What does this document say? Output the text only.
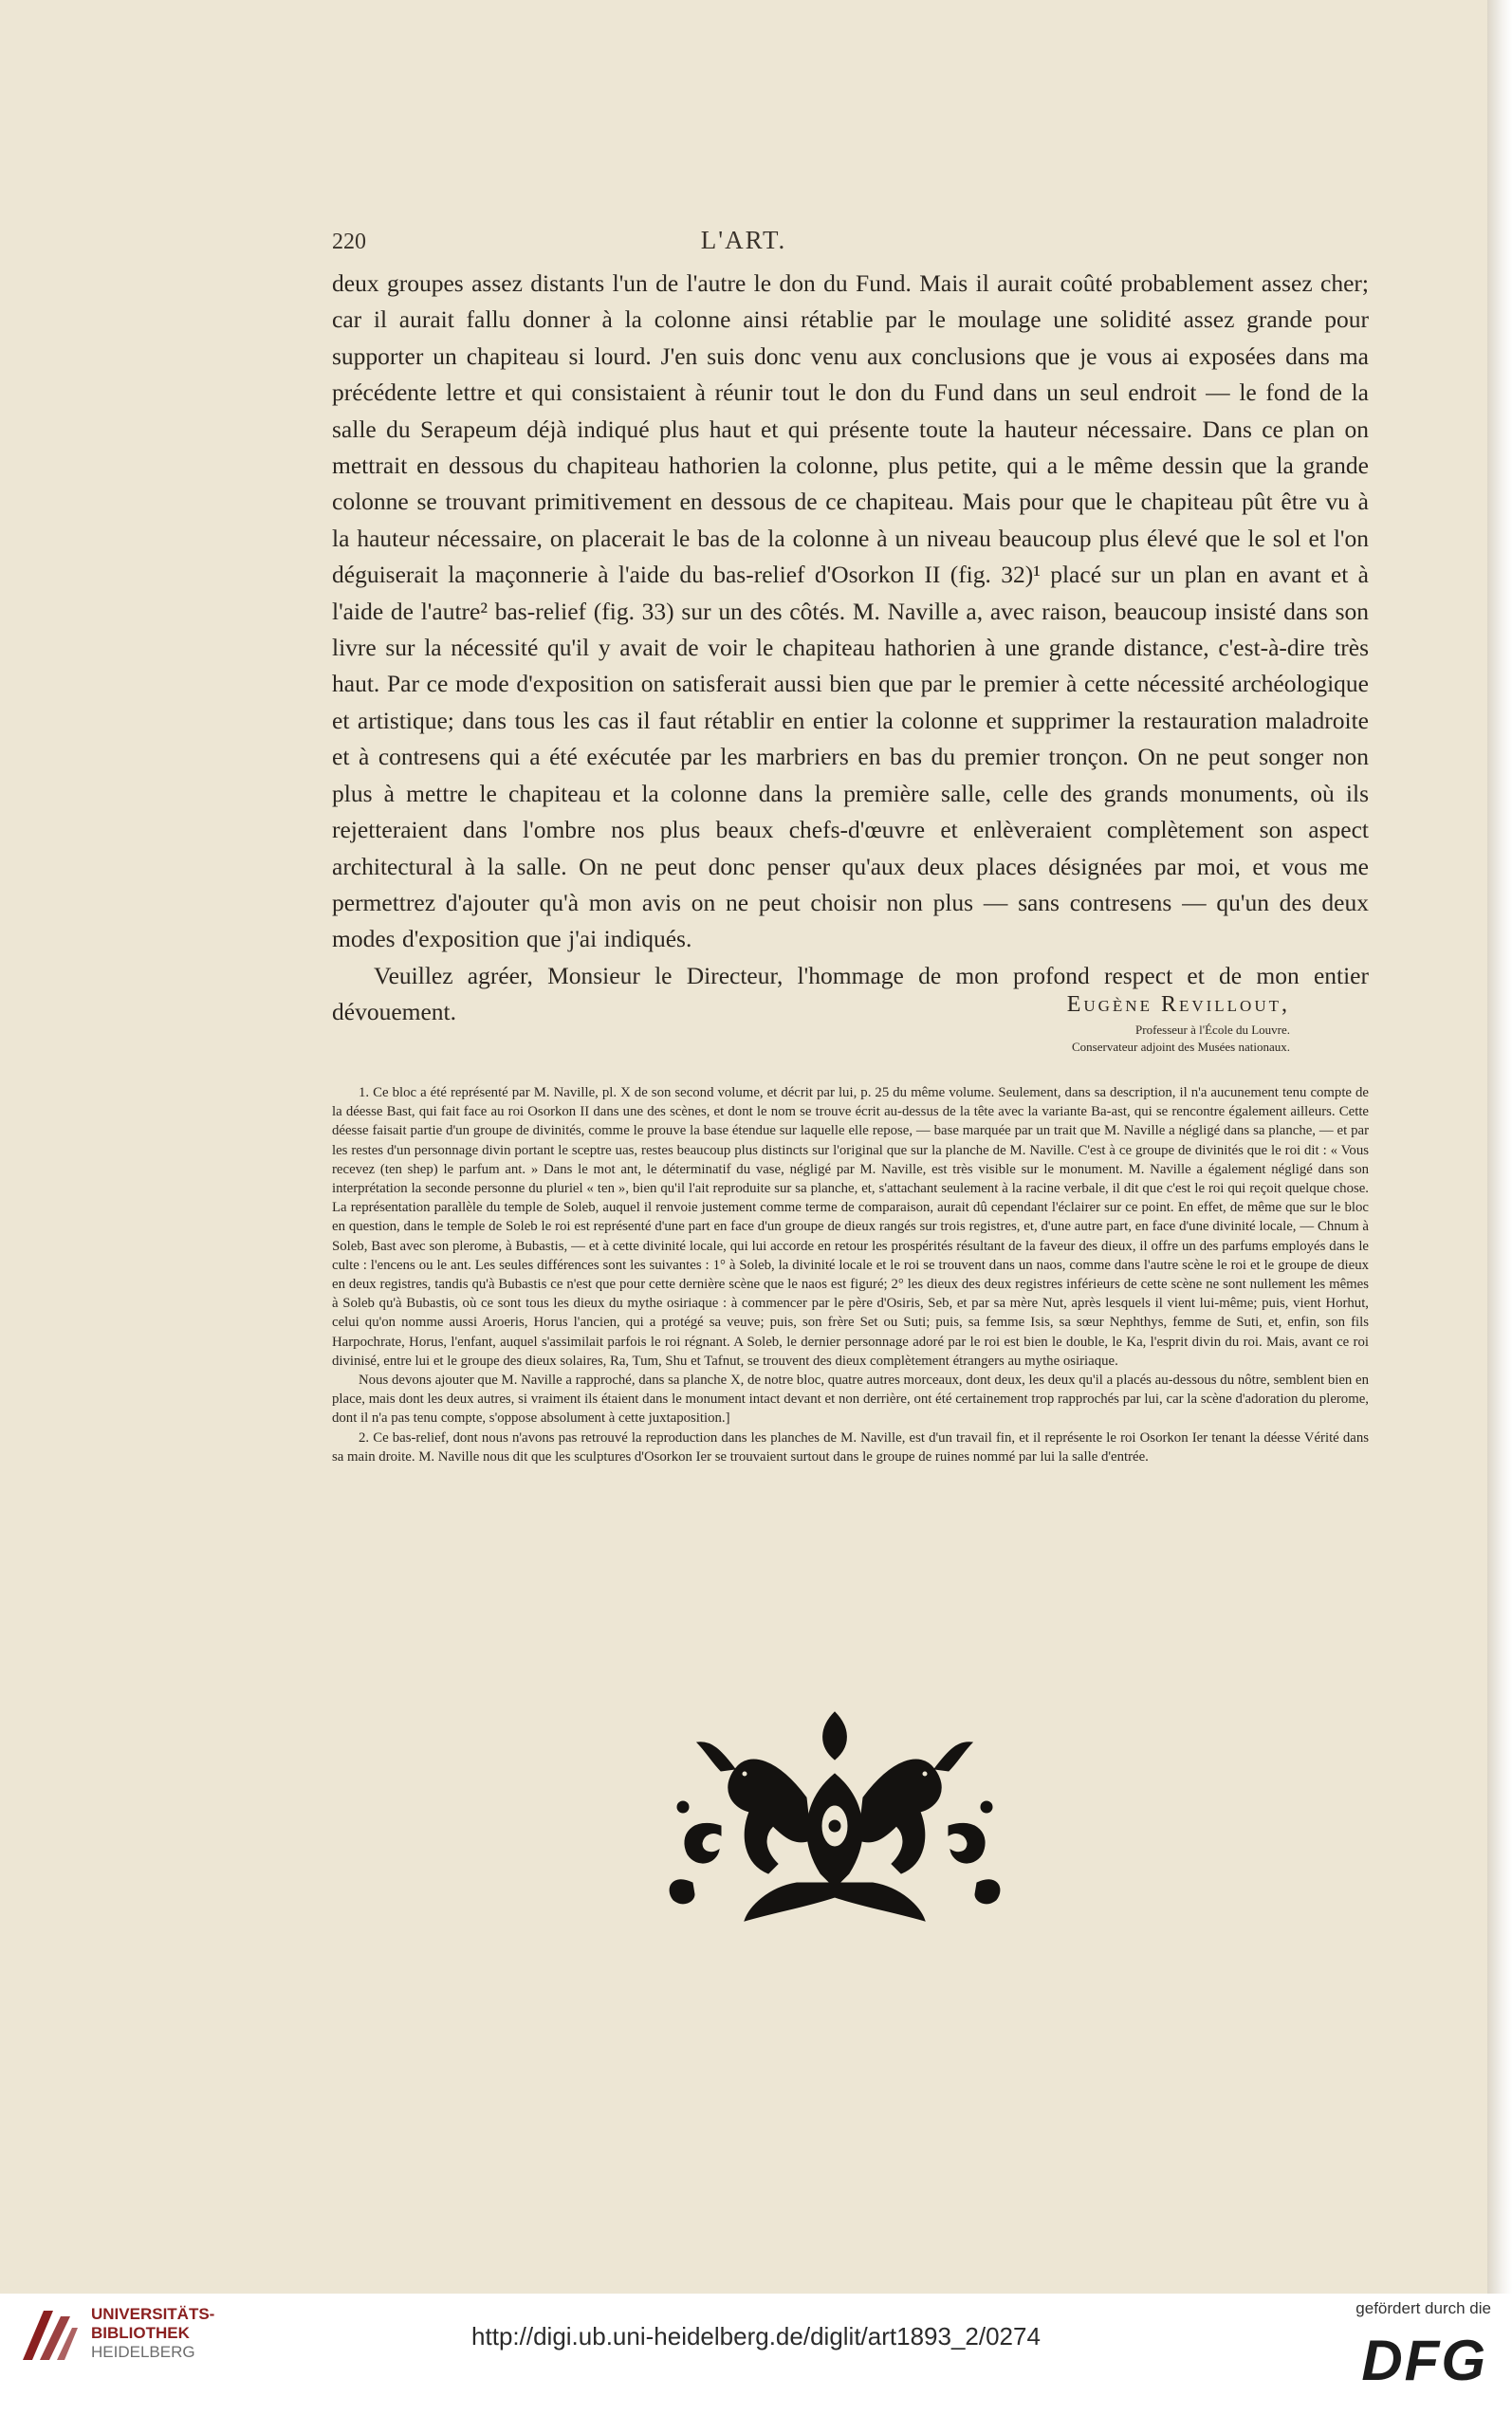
220	L'ART.

deux groupes assez distants l'un de l'autre le don du Fund. Mais il aurait coûté probablement assez cher; car il aurait fallu donner à la colonne ainsi rétablie par le moulage une solidité assez grande pour supporter un chapiteau si lourd. J'en suis donc venu aux conclusions que je vous ai exposées dans ma précédente lettre et qui consistaient à réunir tout le don du Fund dans un seul endroit — le fond de la salle du Serapeum déjà indiqué plus haut et qui présente toute la hauteur nécessaire. Dans ce plan on mettrait en dessous du chapiteau hathorien la colonne, plus petite, qui a le même dessin que la grande colonne se trouvant primitivement en dessous de ce chapiteau. Mais pour que le chapiteau pût être vu à la hauteur nécessaire, on placerait le bas de la colonne à un niveau beaucoup plus élevé que le sol et l'on déguiserait la maçonnerie à l'aide du bas-relief d'Osorkon II (fig. 32)¹ placé sur un plan en avant et à l'aide de l'autre² bas-relief (fig. 33) sur un des côtés. M. Naville a, avec raison, beaucoup insisté dans son livre sur la nécessité qu'il y avait de voir le chapiteau hathorien à une grande distance, c'est-à-dire très haut. Par ce mode d'exposition on satisferait aussi bien que par le premier à cette nécessité archéologique et artistique; dans tous les cas il faut rétablir en entier la colonne et supprimer la restauration maladroite et à contresens qui a été exécutée par les marbriers en bas du premier tronçon. On ne peut songer non plus à mettre le chapiteau et la colonne dans la première salle, celle des grands monuments, où ils rejetteraient dans l'ombre nos plus beaux chefs-d'œuvre et enlèveraient complètement son aspect architectural à la salle. On ne peut donc penser qu'aux deux places désignées par moi, et vous me permettrez d'ajouter qu'à mon avis on ne peut choisir non plus — sans contresens — qu'un des deux modes d'exposition que j'ai indiqués.

Veuillez agréer, Monsieur le Directeur, l'hommage de mon profond respect et de mon entier dévouement.	Eugène Revillout,
Professeur à l'École du Louvre.
Conservateur adjoint des Musées nationaux.

1. Ce bloc a été représenté par M. Naville, pl. X de son second volume, et décrit par lui, p. 25 du même volume. Seulement, dans sa description, il n'a aucunement tenu compte de la déesse Bast, qui fait face au roi Osorkon II dans une des scènes, et dont le nom se trouve écrit au-dessus de la tête avec la variante Ba-ast, qui se rencontre également ailleurs. Cette déesse faisait partie d'un groupe de divinités, comme le prouve la base étendue sur laquelle elle repose, — base marquée par un trait que M. Naville a négligé dans sa planche, — et par les restes d'un personnage divin portant le sceptre uas, restes beaucoup plus distincts sur l'original que sur la planche de M. Naville. C'est à ce groupe de divinités que le roi dit : « Vous recevez (ten shep) le parfum ant. » Dans le mot ant, le déterminatif du vase, négligé par M. Naville, est très visible sur le monument. M. Naville a également négligé dans son interprétation la seconde personne du pluriel « ten », bien qu'il l'ait reproduite sur sa planche, et, s'attachant seulement à la racine verbale, il dit que c'est le roi qui reçoit quelque chose. La représentation parallèle du temple de Soleb, auquel il renvoie justement comme terme de comparaison, aurait dû cependant l'éclairer sur ce point. En effet, de même que sur le bloc en question, dans le temple de Soleb le roi est représenté d'une part en face d'un groupe de dieux rangés sur trois registres, et, d'une autre part, en face d'une divinité locale, — Chnum à Soleb, Bast avec son plerome, à Bubastis, — et à cette divinité locale, qui lui accorde en retour les prospérités résultant de la faveur des dieux, il offre un des parfums employés dans le culte : l'encens ou le ant. Les seules différences sont les suivantes : 1° à Soleb, la divinité locale et le roi se trouvent dans un naos, comme dans l'autre scène le roi et le groupe de dieux en deux registres, tandis qu'à Bubastis ce n'est que pour cette dernière scène que le naos est figuré; 2° les dieux des deux registres inférieurs de cette scène ne sont nullement les mêmes à Soleb qu'à Bubastis, où ce sont tous les dieux du mythe osiriaque : à commencer par le père d'Osiris, Seb, et par sa mère Nut, après lesquels il vient lui-même; puis, vient Horhut, celui qu'on nomme aussi Aroeris, Horus l'ancien, qui a protégé sa veuve; puis, son frère Set ou Suti; puis, sa femme Isis, sa sœur Nephthys, femme de Suti, et, enfin, son fils Harpochrate, Horus, l'enfant, auquel s'assimilait parfois le roi régnant. A Soleb, le dernier personnage adoré par le roi est bien le double, le Ka, l'esprit divin du roi. Mais, avant ce roi divinisé, entre lui et le groupe des dieux solaires, Ra, Tum, Shu et Tafnut, se trouvent des dieux complètement étrangers au mythe osiriaque.

Nous devons ajouter que M. Naville a rapproché, dans sa planche X, de notre bloc, quatre autres morceaux, dont deux, les deux qu'il a placés au-dessous du nôtre, semblent bien en place, mais dont les deux autres, si vraiment ils étaient dans le monument intact devant et non derrière, ont été certainement trop rapprochés par lui, car la scène d'adoration du plerome, dont il n'a pas tenu compte, s'oppose absolument à cette juxtaposition.]

2. Ce bas-relief, dont nous n'avons pas retrouvé la reproduction dans les planches de M. Naville, est d'un travail fin, et il représente le roi Osorkon Ier tenant la déesse Vérité dans sa main droite. M. Naville nous dit que les sculptures d'Osorkon Ier se trouvaient surtout dans le groupe de ruines nommé par lui la salle d'entrée.

UNIVERSITÄTS-
BIBLIOTHEK
HEIDELBERG
http://digi.ub.uni-heidelberg.de/diglit/art1893_2/0274
gefördert durch die
DFG
